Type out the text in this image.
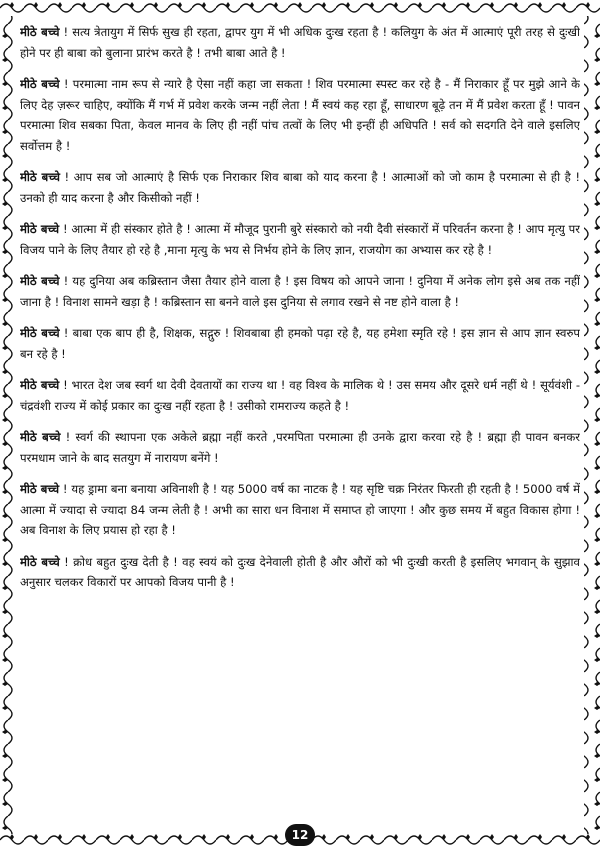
मीठे बच्चे ! सत्य त्रेतायुग में सिर्फ सुख ही रहता, द्वापर युग में भी अधिक दुःख रहता है ! कलियुग के अंत में आत्माएं पूरी तरह से दुःखी होने पर ही बाबा को बुलाना प्रारंभ करते है ! तभी बाबा आते है !

मीठे बच्चे ! परमात्मा नाम रूप से न्यारे है ऐसा नहीं कहा जा सकता ! शिव परमात्मा स्पस्ट कर रहे है - मैं निराकार हूँ पर मुझे आने के लिए देह ज़रूर चाहिए, क्योंकि मैं गर्भ में प्रवेश करके जन्म नहीं लेता ! मैं स्वयं कह रहा हूँ, साधारण बूढ़े तन में मैं प्रवेश करता हूँ ! पावन परमात्मा शिव सबका पिता, केवल मानव के लिए ही नहीं पांच तत्वों के लिए भी इन्हीं ही अधिपति ! सर्व को सदगति देने वाले इसलिए सर्वोत्तम है !

मीठे बच्चे ! आप सब जो आत्माएं है सिर्फ एक निराकार शिव बाबा को याद करना है ! आत्माओं को जो काम है परमात्मा से ही है ! उनको ही याद करना है और किसीको नहीं !

मीठे बच्चे ! आत्मा में ही संस्कार होते है ! आत्मा में मौजूद पुरानी बुरे संस्कारो को नयी दैवी संस्कारों में परिवर्तन करना है ! आप मृत्यु पर विजय पाने के लिए तैयार हो रहे है ,माना मृत्यु के भय से निर्भय होने के लिए ज्ञान, राजयोग का अभ्यास कर रहे है !

मीठे बच्चे ! यह दुनिया अब कब्रिस्तान जैसा तैयार होने वाला है ! इस विषय को आपने जाना ! दुनिया में अनेक लोग इसे अब तक नहीं जाना है ! विनाश सामने खड़ा है ! कब्रिस्तान सा बनने वाले इस दुनिया से लगाव रखने से नष्ट होने वाला है !

मीठे बच्चे ! बाबा एक बाप ही है, शिक्षक, सद्गुरु ! शिवबाबा ही हमको पढ़ा रहे है, यह हमेशा स्मृति रहे ! इस ज्ञान से आप ज्ञान स्वरुप बन रहे है !

मीठे बच्चे ! भारत देश जब स्वर्ग था देवी देवतायों का राज्य था ! वह विश्व के मालिक थे ! उस समय और दूसरे धर्म नहीं थे ! सूर्यवंशी - चंद्रवंशी राज्य में कोई प्रकार का दुःख नहीं रहता है ! उसीको रामराज्य कहते है !

मीठे बच्चे ! स्वर्ग की स्थापना एक अकेले ब्रह्मा नहीं करते ,परमपिता परमात्मा ही उनके द्वारा करवा रहे है ! ब्रह्मा ही पावन बनकर परमधाम जाने के बाद सतयुग में नारायण बनेंगे !

मीठे बच्चे ! यह ड्रामा बना बनाया अविनाशी है ! यह 5000 वर्ष का नाटक है ! यह सृष्टि चक्र निरंतर फिरती ही रहती है ! 5000 वर्ष में आत्मा में ज्यादा से ज्यादा 84 जन्म लेती है ! अभी का सारा धन विनाश में समाप्त हो जाएगा ! और कुछ समय में बहुत विकास होगा ! अब विनाश के लिए प्रयास हो रहा है !

मीठे बच्चे ! क्रोध बहुत दुःख देती है ! वह स्वयं को दुःख देनेवाली होती है और औरों को भी दुःखी करती है इसलिए भगवान् के सुझाव अनुसार चलकर विकारों पर आपको विजय पानी है !

12
